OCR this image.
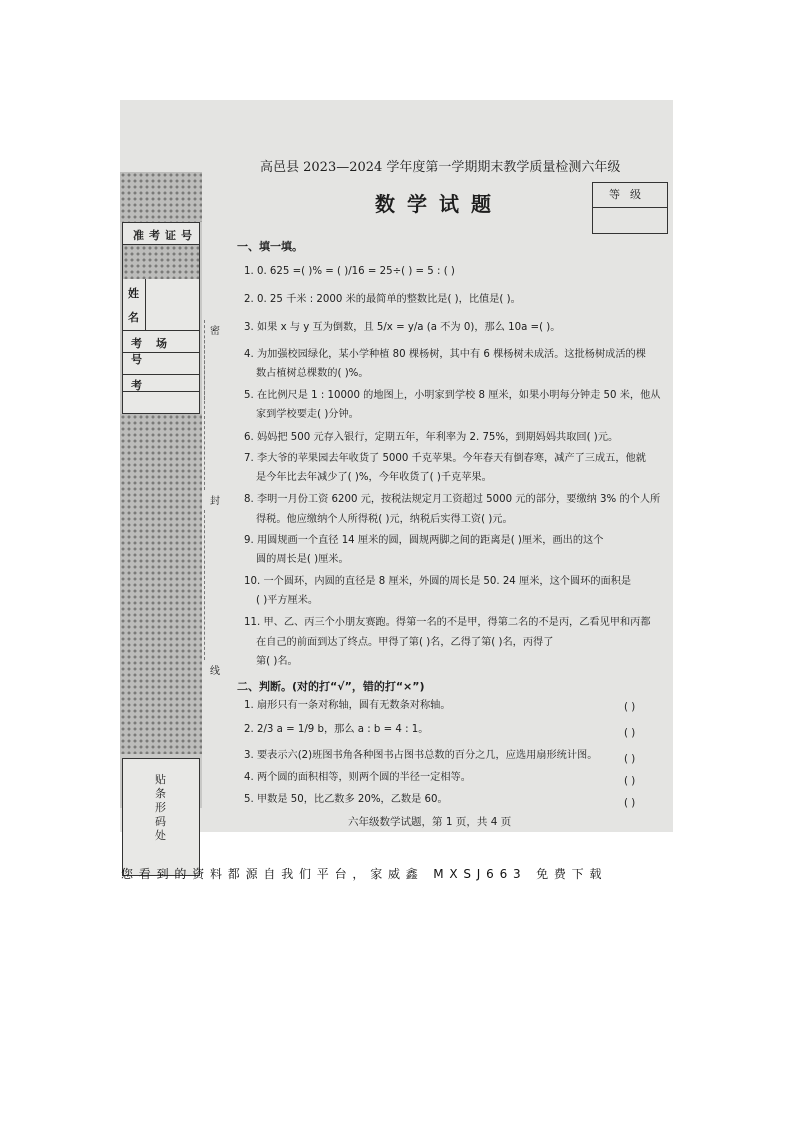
准考证号
姓
名
考场号
考
贴条形码处
密
封
线
高邑县 2023—2024 学年度第一学期期末教学质量检测六年级
数学试题	等级
一、填一填。
1. 0. 625 =( )% = ( )/16 = 25÷( ) = 5 : ( )
2. 0. 25 千米 : 2000 米的最简单的整数比是( )，比值是( )。
3. 如果 x 与 y 互为倒数，且 5/x = y/a (a 不为 0)，那么 10a =( )。
4. 为加强校园绿化，某小学种植 80 棵杨树，其中有 6 棵杨树未成活。这批杨树成活的棵
数占植树总棵数的( )%。
5. 在比例尺是 1 : 10000 的地图上，小明家到学校 8 厘米，如果小明每分钟走 50 米，他从
家到学校要走( )分钟。
6. 妈妈把 500 元存入银行，定期五年，年利率为 2. 75%，到期妈妈共取回( )元。
7. 李大爷的苹果园去年收货了 5000 千克苹果。今年春天有倒春寒，减产了三成五，他就
是今年比去年减少了( )%，今年收货了( )千克苹果。
8. 李明一月份工资 6200 元，按税法规定月工资超过 5000 元的部分，要缴纳 3% 的个人所
得税。他应缴纳个人所得税( )元，纳税后实得工资( )元。
9. 用圆规画一个直径 14 厘米的圆，圆规两脚之间的距离是( )厘米，画出的这个
圆的周长是( )厘米。
10. 一个圆环，内圆的直径是 8 厘米，外圆的周长是 50. 24 厘米，这个圆环的面积是
( )平方厘米。
11. 甲、乙、丙三个小朋友赛跑。得第一名的不是甲，得第二名的不是丙，乙看见甲和丙都
在自己的前面到达了终点。甲得了第( )名，乙得了第( )名，丙得了
第( )名。
二、判断。(对的打“√”，错的打“×”)
1. 扇形只有一条对称轴，圆有无数条对称轴。	( )
2. 2/3 a = 1/9 b，那么 a : b = 4 : 1。	( )
3. 要表示六(2)班图书角各种图书占图书总数的百分之几，应选用扇形统计图。	( )
4. 两个圆的面积相等，则两个圆的半径一定相等。	( )
5. 甲数是 50，比乙数多 20%，乙数是 60。	( )
六年级数学试题，第 1 页，共 4 页
您看到的资料都源自我们平台，家威鑫 MXSJ663 免费下载
